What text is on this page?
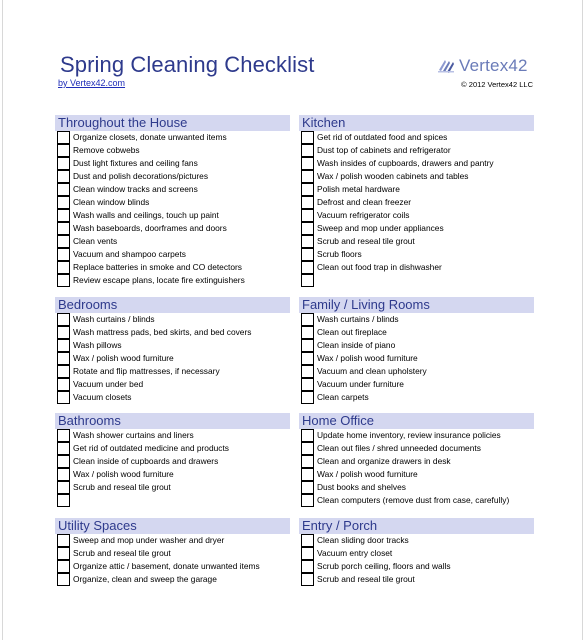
Spring Cleaning Checklist
by Vertex42.com
Vertex42
© 2012 Vertex42 LLC
Throughout the House
Organize closets, donate unwanted items
Remove cobwebs
Dust light fixtures and ceiling fans
Dust and polish decorations/pictures
Clean window tracks and screens
Clean window blinds
Wash walls and ceilings, touch up paint
Wash baseboards, doorframes and doors
Clean vents
Vacuum and shampoo carpets
Replace batteries in smoke and CO detectors
Review escape plans, locate fire extinguishers
Kitchen
Get rid of outdated food and spices
Dust top of cabinets and refrigerator
Wash insides of cupboards, drawers and pantry
Wax / polish wooden cabinets and tables
Polish metal hardware
Defrost and clean freezer
Vacuum refrigerator coils
Sweep and mop under appliances
Scrub and reseal tile grout
Scrub floors
Clean out food trap in dishwasher
Bedrooms
Wash curtains / blinds
Wash mattress pads, bed skirts, and bed covers
Wash pillows
Wax / polish wood furniture
Rotate and flip mattresses, if necessary
Vacuum under bed
Vacuum closets
Family / Living Rooms
Wash curtains / blinds
Clean out fireplace
Clean inside of piano
Wax / polish wood furniture
Vacuum and clean upholstery
Vacuum under furniture
Clean carpets
Bathrooms
Wash shower curtains and liners
Get rid of outdated medicine and products
Clean inside of cupboards and drawers
Wax / polish wood furniture
Scrub and reseal tile grout
Home Office
Update home inventory, review insurance policies
Clean out files / shred unneeded documents
Clean and organize drawers in desk
Wax / polish wood furniture
Dust books and shelves
Clean computers (remove dust from case, carefully)
Utility Spaces
Sweep and mop under washer and dryer
Scrub and reseal tile grout
Organize attic / basement, donate unwanted items
Organize, clean and sweep the garage
Entry / Porch
Clean sliding door tracks
Vacuum entry closet
Scrub porch ceiling, floors and walls
Scrub and reseal tile grout
